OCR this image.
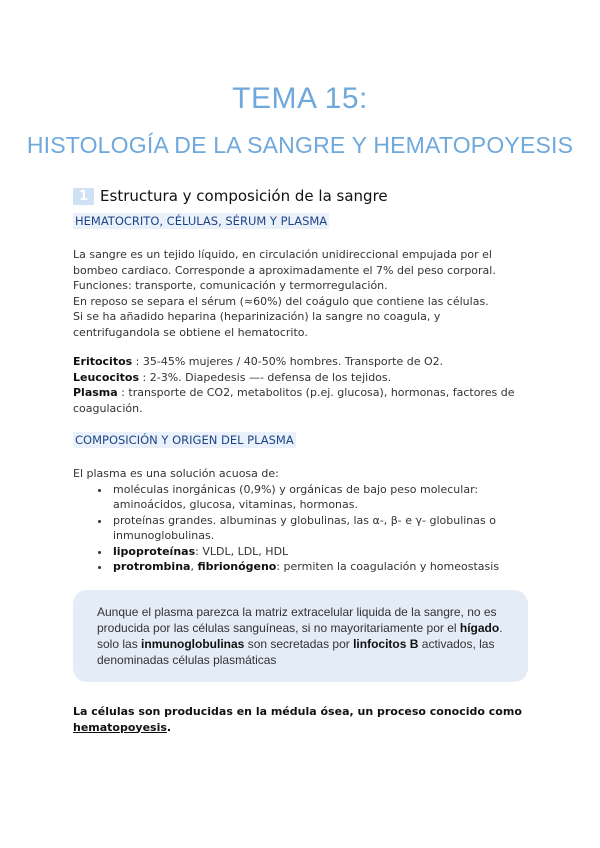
TEMA 15:
HISTOLOGÍA DE LA SANGRE Y HEMATOPOYESIS
1 Estructura y composición de la sangre
HEMATOCRITO, CÉLULAS, SÉRUM Y PLASMA
La sangre es un tejido líquido, en circulación unidireccional empujada por el
bombeo cardiaco. Corresponde a aproximadamente el 7% del peso corporal.
Funciones: transporte, comunicación y termorregulación.
En reposo se separa el sérum (≈60%) del coágulo que contiene las células.
Si se ha añadido heparina (heparinización) la sangre no coagula, y
centrifugandola se obtiene el hematocrito.
Eritocitos : 35-45% mujeres / 40-50% hombres. Transporte de O2.
Leucocitos : 2-3%. Diapedesis —- defensa de los tejidos.
Plasma : transporte de CO2, metabolitos (p.ej. glucosa), hormonas, factores de coagulación.
COMPOSICIÓN Y ORIGEN DEL PLASMA
El plasma es una solución acuosa de:
• moléculas inorgánicas (0,9%) y orgánicas de bajo peso molecular: aminoácidos, glucosa, vitaminas, hormonas.
• proteínas grandes. albuminas y globulinas, las α-, β- e γ- globulinas o inmunoglobulinas.
• lipoproteínas: VLDL, LDL, HDL
• protrombina, fibrionógeno: permiten la coagulación y homeostasis
Aunque el plasma parezca la matriz extracelular liquida de la sangre, no es producida por las células sanguíneas, si no mayoritariamente por el hígado. solo las inmunoglobulinas son secretadas por linfocitos B activados, las denominadas células plasmáticas
La células son producidas en la médula ósea, un proceso conocido como hematopoyesis.
